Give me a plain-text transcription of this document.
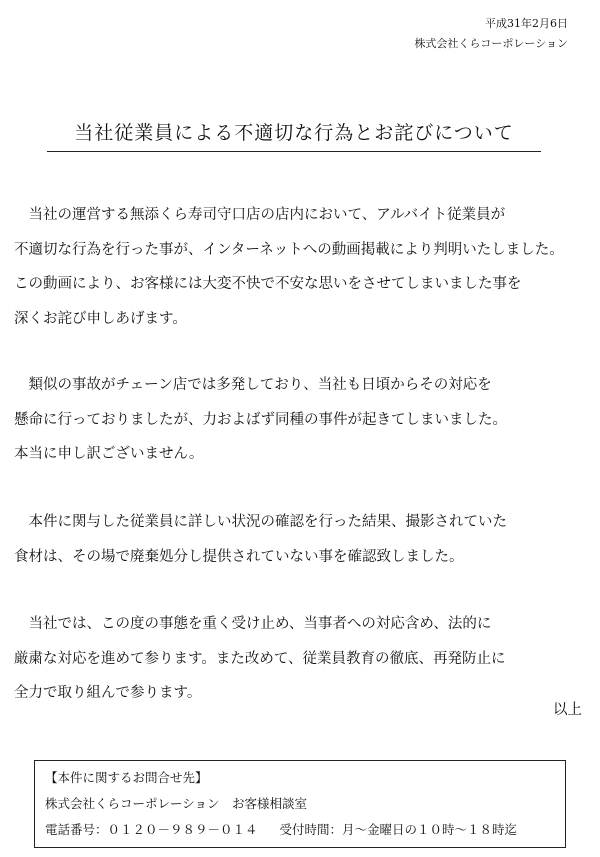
平成31年2月6日
株式会社くらコーポレーション
当社従業員による不適切な行為とお詫びについて
　当社の運営する無添くら寿司守口店の店内において、アルバイト従業員が
不適切な行為を行った事が、インターネットへの動画掲載により判明いたしました。
この動画により、お客様には大変不快で不安な思いをさせてしまいました事を
深くお詫び申しあげます。
　類似の事故がチェーン店では多発しており、当社も日頃からその対応を
懸命に行っておりましたが、力およばず同種の事件が起きてしまいました。
本当に申し訳ございません。
　本件に関与した従業員に詳しい状況の確認を行った結果、撮影されていた
食材は、その場で廃棄処分し提供されていない事を確認致しました。
　当社では、この度の事態を重く受け止め、当事者への対応含め、法的に
厳粛な対応を進めて参ります。また改めて、従業員教育の徹底、再発防止に
全力で取り組んで参ります。
以上
【本件に関するお問合せ先】
株式会社くらコーポレーション　お客様相談室
電話番号：０１２０－９８９－０１４ 受付時間：月～金曜日の１０時～１８時迄
